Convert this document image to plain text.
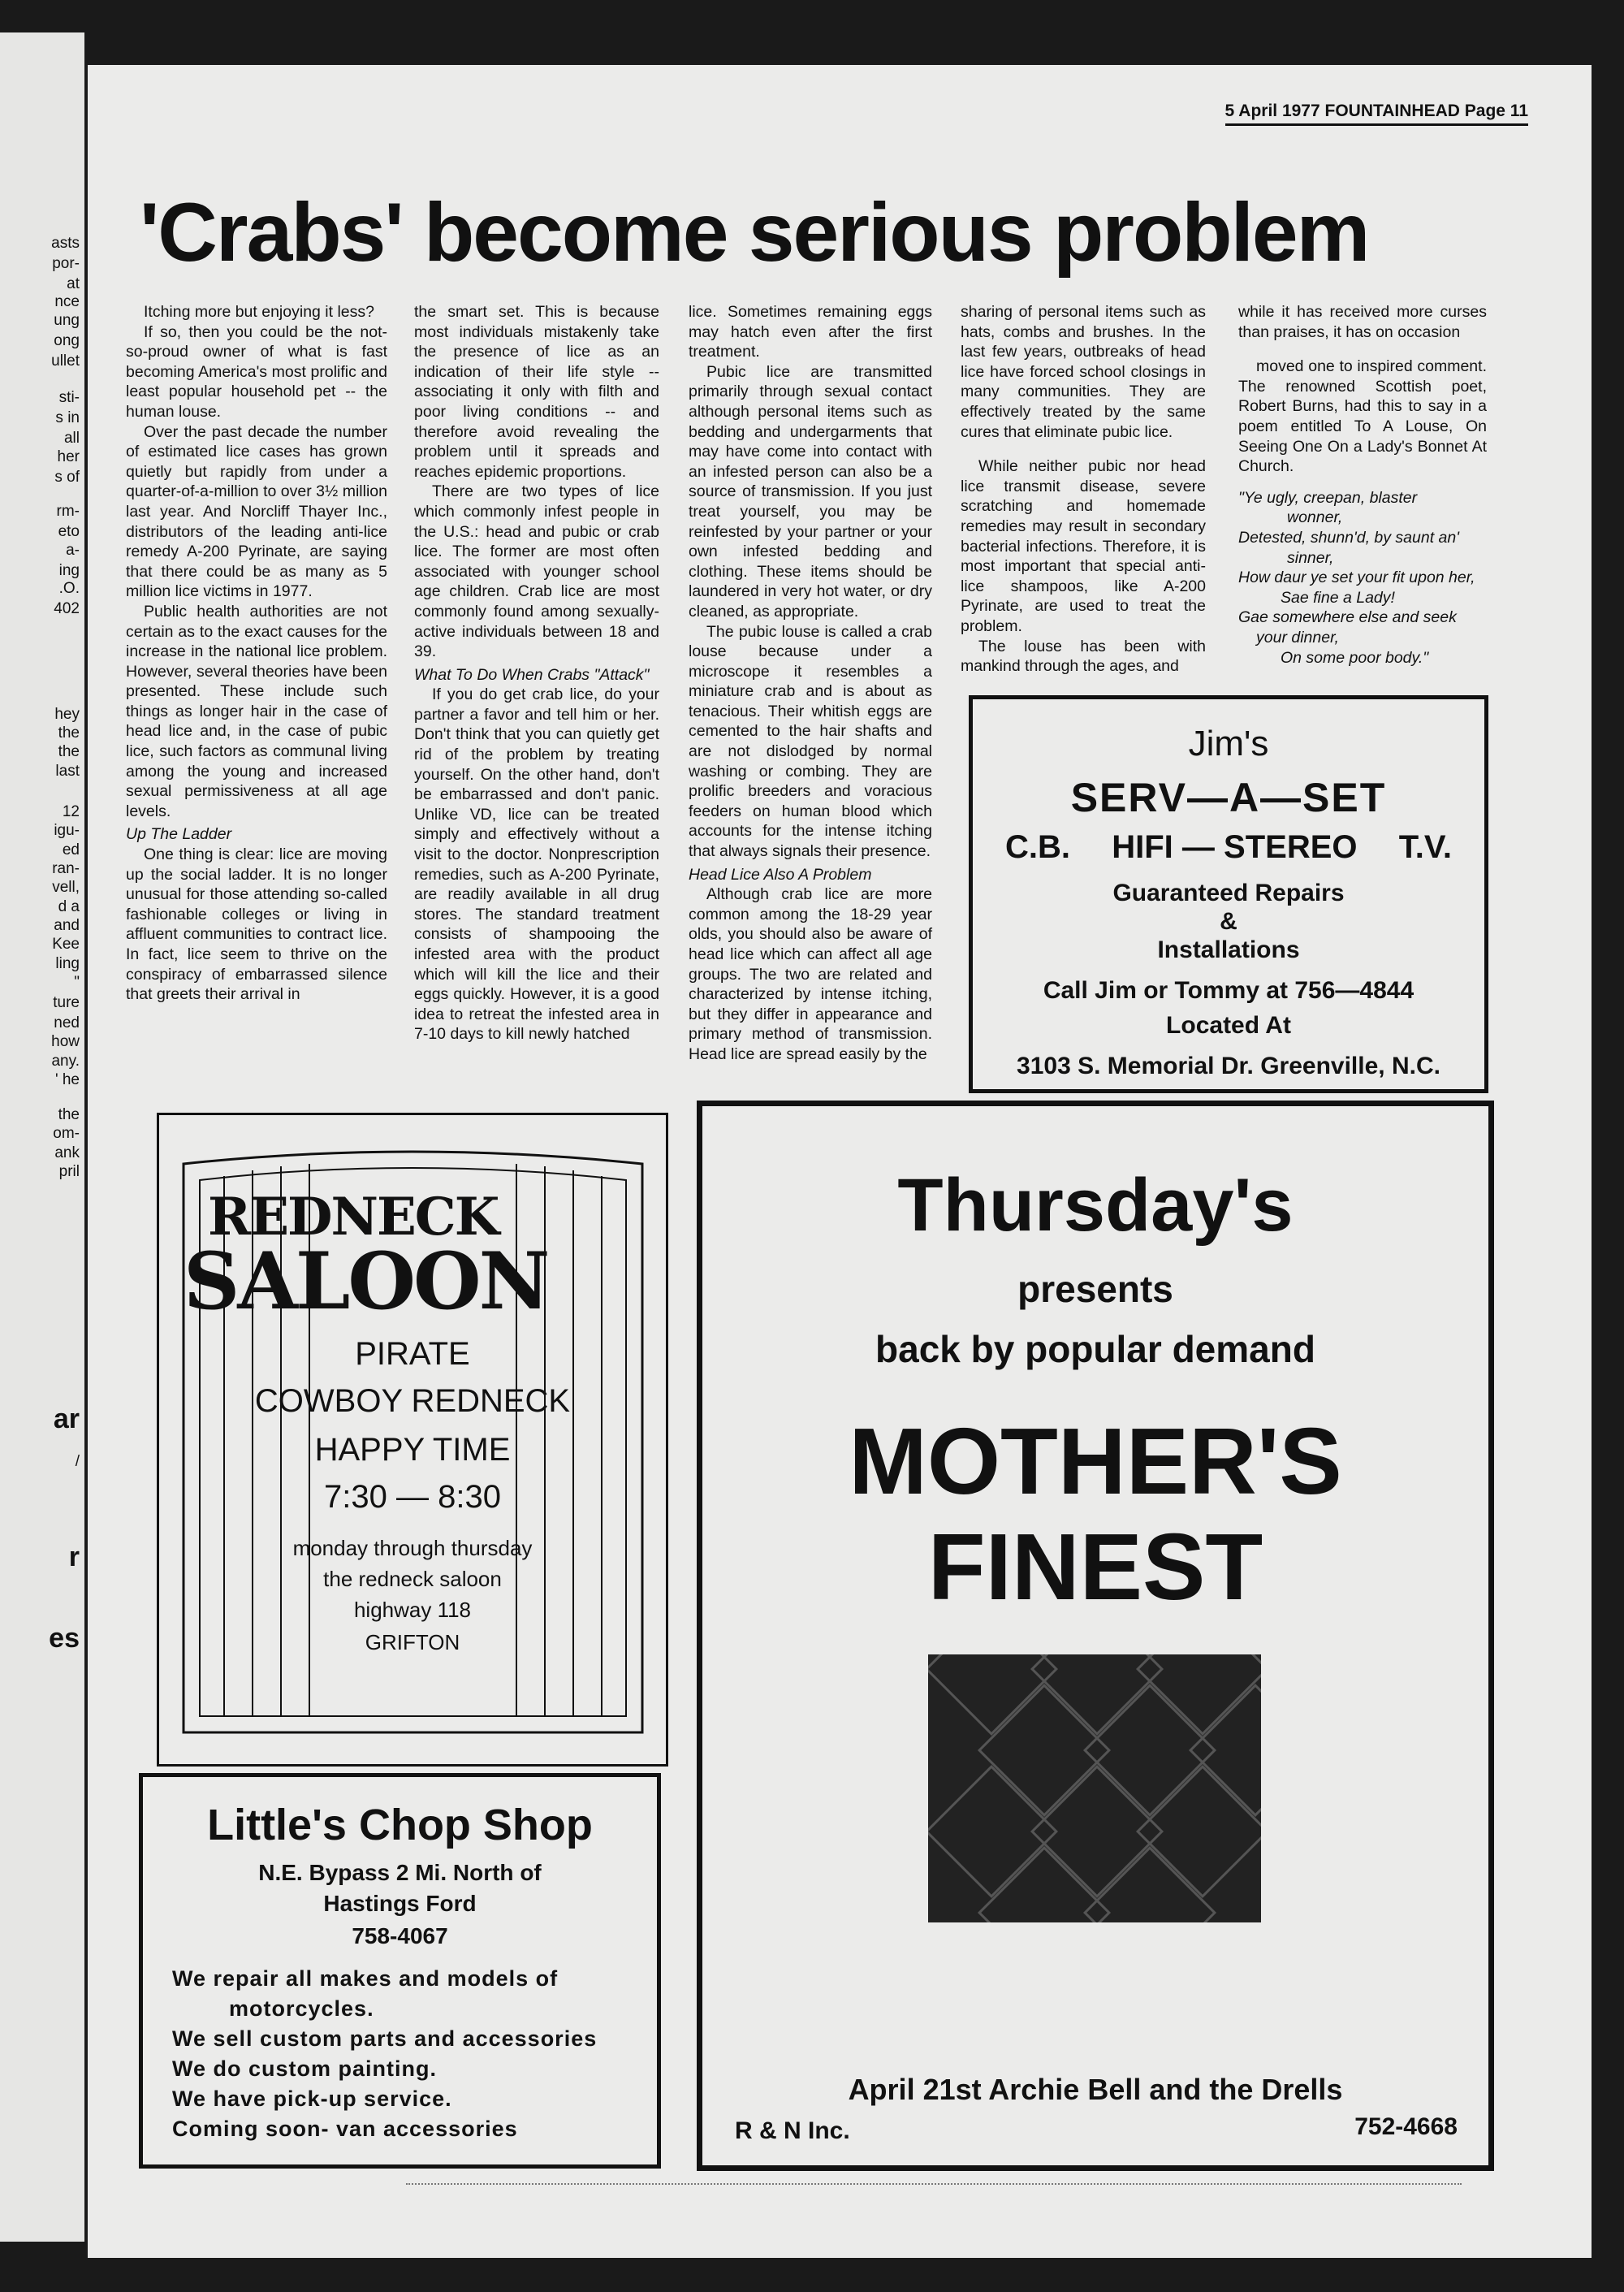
asts
por-
at
nce
ung
ong
ullet
sti-
s in
all
her
s of
rm-
eto
a-
ing
.O.
402
hey
the
the
last
12
igu-
ed
ran-
vell,
d a
and
Kee
ling
"
ture
ned
how
any.
' he
the
om-
ank
pril
ar
/
r
es
5 April 1977 FOUNTAINHEAD Page 11
'Crabs' become serious problem

Itching more but enjoying it less?

If so, then you could be the not-so-proud owner of what is fast becoming America's most prolific and least popular household pet -- the human louse.

Over the past decade the number of estimated lice cases has grown quietly but rapidly from under a quarter-of-a-million to over 3½ million last year. And Norcliff Thayer Inc., distributors of the leading anti-lice remedy A-200 Pyrinate, are saying that there could be as many as 5 million lice victims in 1977.

Public health authorities are not certain as to the exact causes for the increase in the national lice problem. However, several theories have been presented. These include such things as longer hair in the case of head lice and, in the case of pubic lice, such factors as communal living among the young and increased sexual permissiveness at all age levels.

Up The Ladder

One thing is clear: lice are moving up the social ladder. It is no longer unusual for those attending so-called fashionable colleges or living in affluent communities to contract lice. In fact, lice seem to thrive on the conspiracy of embarrassed silence that greets their arrival in

the smart set. This is because most individuals mistakenly take the presence of lice as an indication of their life style -- associating it only with filth and poor living conditions -- and therefore avoid revealing the problem until it spreads and reaches epidemic proportions.

There are two types of lice which commonly infest people in the U.S.: head and pubic or crab lice. The former are most often associated with younger school age children. Crab lice are most commonly found among sexually-active individuals between 18 and 39.

What To Do When Crabs "Attack"

If you do get crab lice, do your partner a favor and tell him or her. Don't think that you can quietly get rid of the problem by treating yourself. On the other hand, don't be embarrassed and don't panic. Unlike VD, lice can be treated simply and effectively without a visit to the doctor. Nonprescription remedies, such as A-200 Pyrinate, are readily available in all drug stores. The standard treatment consists of shampooing the infested area with the product which will kill the lice and their eggs quickly. However, it is a good idea to retreat the infested area in 7-10 days to kill newly hatched

lice. Sometimes remaining eggs may hatch even after the first treatment.

Pubic lice are transmitted primarily through sexual contact although personal items such as bedding and undergarments that may have come into contact with an infested person can also be a source of transmission. If you just treat yourself, you may be reinfested by your partner or your own infested bedding and clothing. These items should be laundered in very hot water, or dry cleaned, as appropriate.

The pubic louse is called a crab louse because under a microscope it resembles a miniature crab and is about as tenacious. Their whitish eggs are cemented to the hair shafts and are not dislodged by normal washing or combing. They are prolific breeders and voracious feeders on human blood which accounts for the intense itching that always signals their presence.

Head Lice Also A Problem

Although crab lice are more common among the 18-29 year olds, you should also be aware of head lice which can affect all age groups. The two are related and characterized by intense itching, but they differ in appearance and primary method of transmission. Head lice are spread easily by the

sharing of personal items such as hats, combs and brushes. In the last few years, outbreaks of head lice have forced school closings in many communities. They are effectively treated by the same cures that eliminate pubic lice.

While neither pubic nor head lice transmit disease, severe scratching and homemade remedies may result in secondary bacterial infections. Therefore, it is most important that special anti-lice shampoos, like A-200 Pyrinate, are used to treat the problem.

The louse has been with mankind through the ages, and

while it has received more curses than praises, it has on occasion

moved one to inspired comment. The renowned Scottish poet, Robert Burns, had this to say in a poem entitled To A Louse, On Seeing One On a Lady's Bonnet At Church.

"Ye ugly, creepan, blaster
wonner,
Detested, shunn'd, by saunt an'
sinner,
How daur ye set your fit upon her,
Sae fine a Lady!
Gae somewhere else and seek
your dinner,
On some poor body."
Jim's
SERV—A—SET
C.B. HIFI — STEREO T.V.
Guaranteed Repairs
&
Installations
Call Jim or Tommy at 756—4844
Located At
3103 S. Memorial Dr. Greenville, N.C.
REDNECK
SALOON
PIRATE
COWBOY REDNECK
HAPPY TIME
7:30 — 8:30
monday through thursday
the redneck saloon
highway 118
GRIFTON
Little's Chop Shop
N.E. Bypass 2 Mi. North of
Hastings Ford
758-4067
We repair all makes and models of
motorcycles.
We sell custom parts and accessories
We do custom painting.
We have pick-up service.
Coming soon- van accessories
Thursday's
presents
back by popular demand
MOTHER'S
FINEST
April 21st Archie Bell and the Drells
R & N Inc.	752-4668
